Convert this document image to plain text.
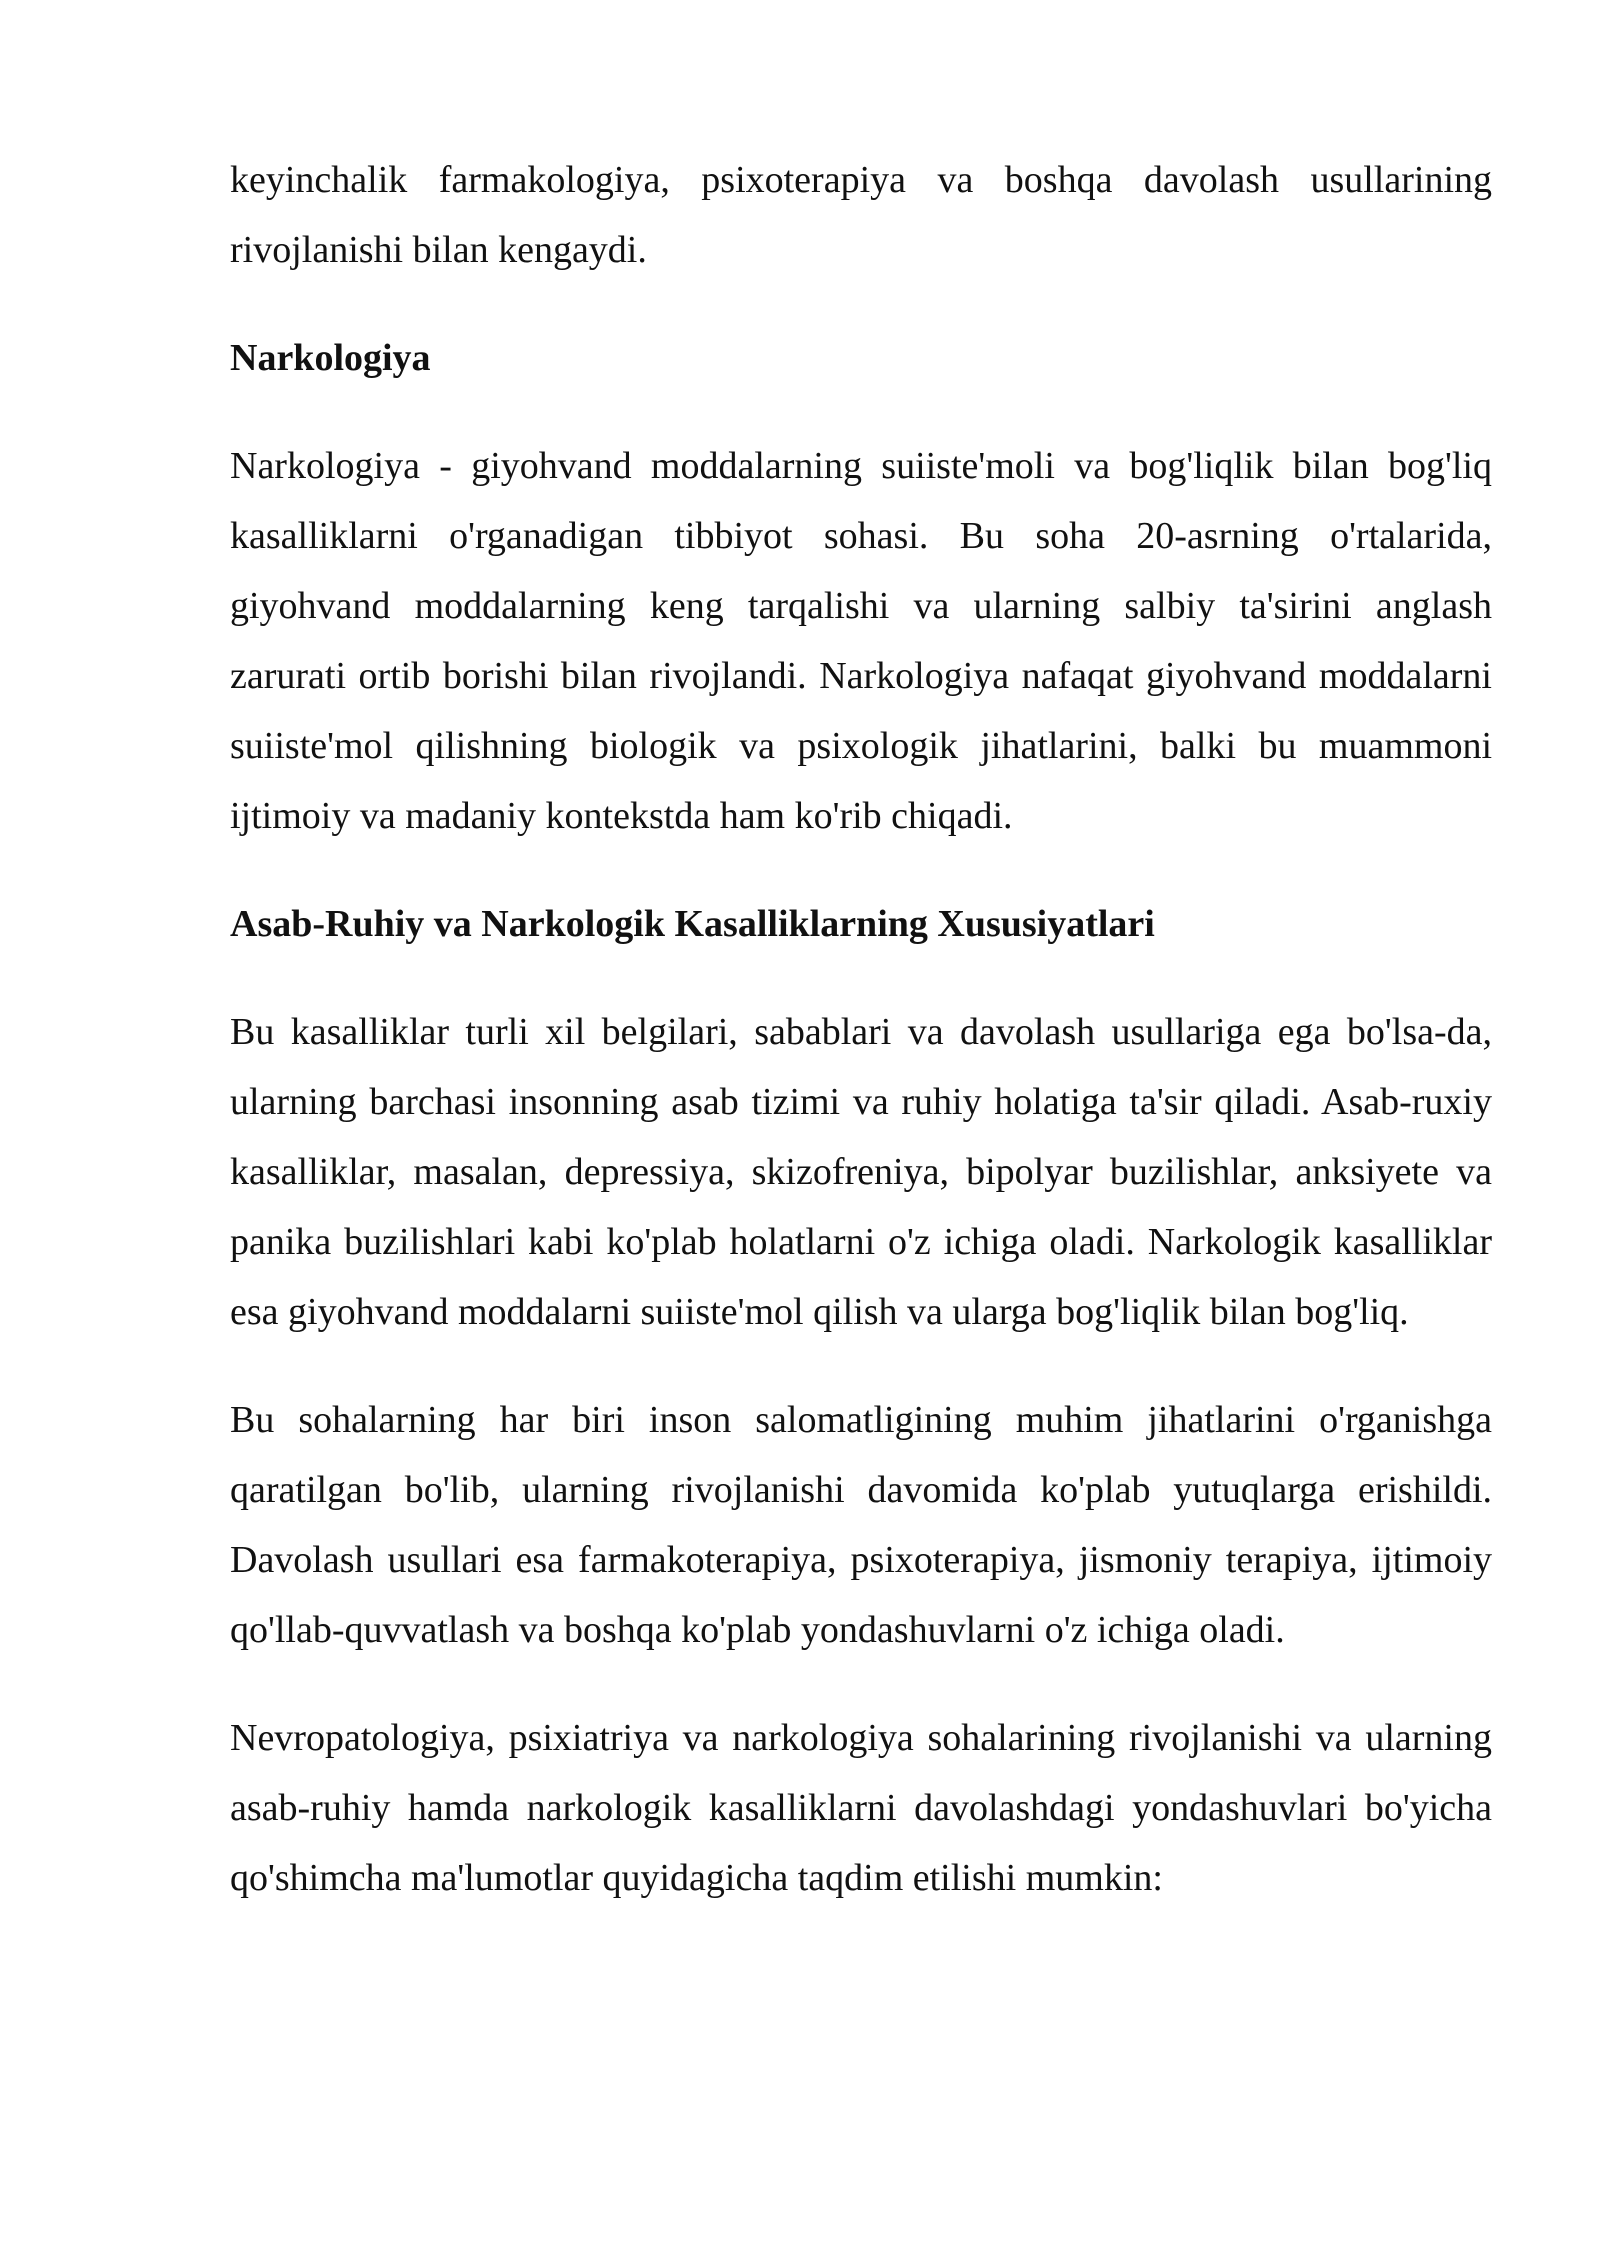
keyinchalik farmakologiya, psixoterapiya va boshqa davolash usullarining rivojlanishi bilan kengaydi.

Narkologiya

Narkologiya - giyohvand moddalarning suiiste'moli va bog'liqlik bilan bog'liq kasalliklarni o'rganadigan tibbiyot sohasi. Bu soha 20-asrning o'rtalarida, giyohvand moddalarning keng tarqalishi va ularning salbiy ta'sirini anglash zarurati ortib borishi bilan rivojlandi. Narkologiya nafaqat giyohvand moddalarni suiiste'mol qilishning biologik va psixologik jihatlarini, balki bu muammoni ijtimoiy va madaniy kontekstda ham ko'rib chiqadi.

Asab-Ruhiy va Narkologik Kasalliklarning Xususiyatlari

Bu kasalliklar turli xil belgilari, sabablari va davolash usullariga ega bo'lsa-da, ularning barchasi insonning asab tizimi va ruhiy holatiga ta'sir qiladi. Asab-ruxiy kasalliklar, masalan, depressiya, skizofreniya, bipolyar buzilishlar, anksiyete va panika buzilishlari kabi ko'plab holatlarni o'z ichiga oladi. Narkologik kasalliklar esa giyohvand moddalarni suiiste'mol qilish va ularga bog'liqlik bilan bog'liq.

Bu sohalarning har biri inson salomatligining muhim jihatlarini o'rganishga qaratilgan bo'lib, ularning rivojlanishi davomida ko'plab yutuqlarga erishildi. Davolash usullari esa farmakoterapiya, psixoterapiya, jismoniy terapiya, ijtimoiy qo'llab-quvvatlash va boshqa ko'plab yondashuvlarni o'z ichiga oladi.

Nevropatologiya, psixiatriya va narkologiya sohalarining rivojlanishi va ularning asab-ruhiy hamda narkologik kasalliklarni davolashdagi yondashuvlari bo'yicha qo'shimcha ma'lumotlar quyidagicha taqdim etilishi mumkin:
